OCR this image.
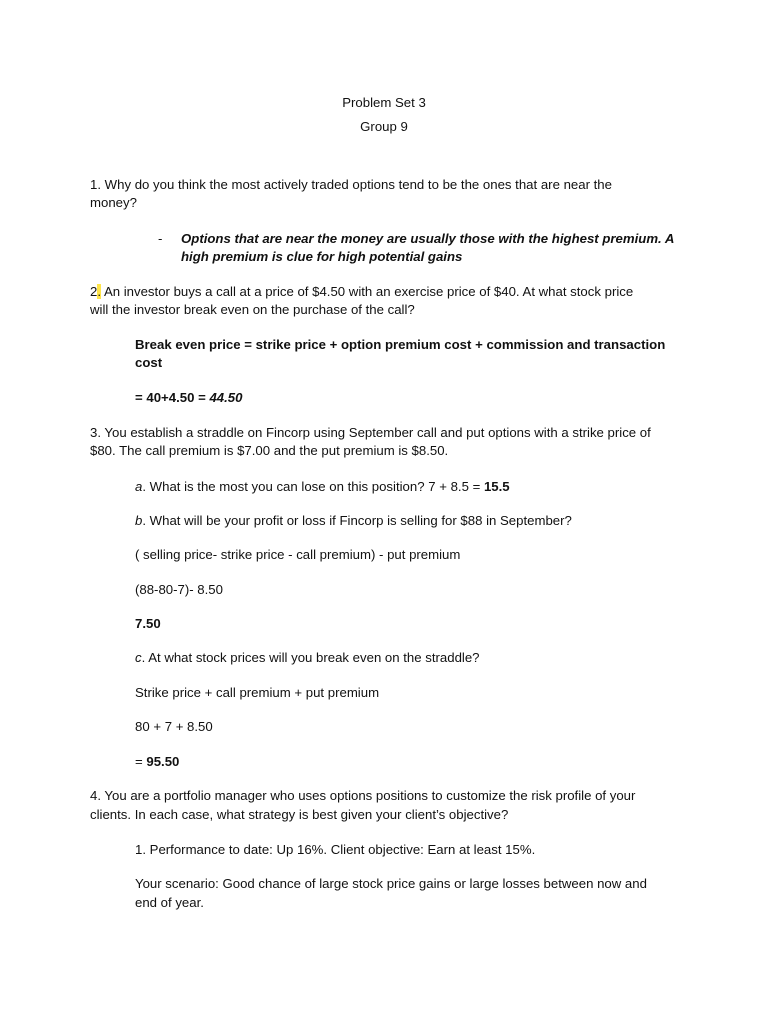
Problem Set 3
Group 9
1. Why do you think the most actively traded options tend to be the ones that are near the
money?
- Options that are near the money are usually those with the highest premium. A
high premium is clue for high potential gains
2. An investor buys a call at a price of $4.50 with an exercise price of $40. At what stock price
will the investor break even on the purchase of the call?
Break even price = strike price + option premium cost + commission and transaction
cost
= 40+4.50 = 44.50
3. You establish a straddle on Fincorp using September call and put options with a strike price of
$80. The call premium is $7.00 and the put premium is $8.50.
a. What is the most you can lose on this position? 7 + 8.5 = 15.5
b. What will be your profit or loss if Fincorp is selling for $88 in September?
( selling price- strike price - call premium) - put premium
(88-80-7)- 8.50
7.50
c. At what stock prices will you break even on the straddle?
Strike price + call premium + put premium
80 + 7 + 8.50
= 95.50
4. You are a portfolio manager who uses options positions to customize the risk profile of your
clients. In each case, what strategy is best given your client’s objective?
1. Performance to date: Up 16%. Client objective: Earn at least 15%.
Your scenario: Good chance of large stock price gains or large losses between now and
end of year.
